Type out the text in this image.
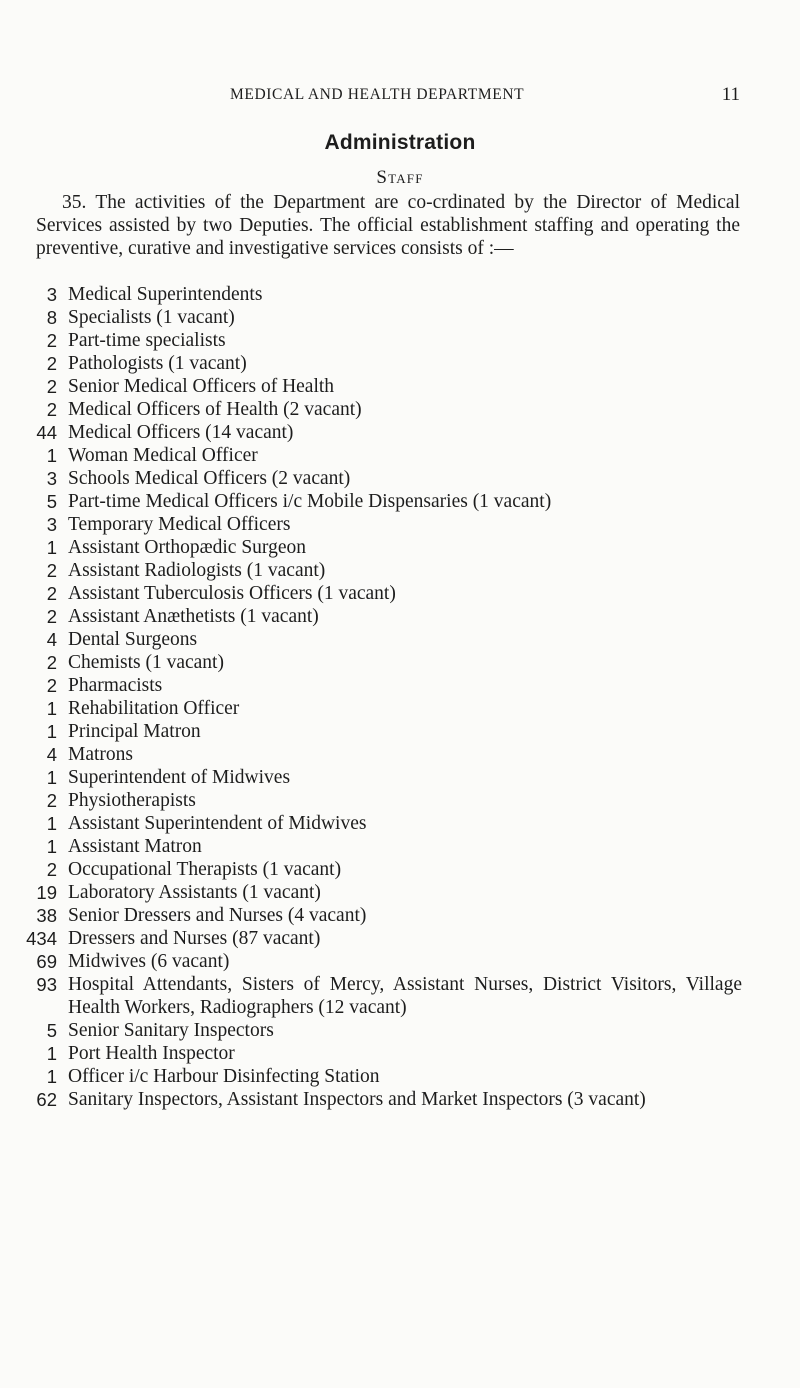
MEDICAL AND HEALTH DEPARTMENT	11
Administration
Staff

35. The activities of the Department are co-crdinated by the Director of Medical Services assisted by two Deputies. The official establishment staffing and operating the preventive, curative and investigative services consists of :—

3 Medical Superintendents
8 Specialists (1 vacant)
2 Part-time specialists
2 Pathologists (1 vacant)
2 Senior Medical Officers of Health
2 Medical Officers of Health (2 vacant)
44 Medical Officers (14 vacant)
1 Woman Medical Officer
3 Schools Medical Officers (2 vacant)
5 Part-time Medical Officers i/c Mobile Dispensaries (1 vacant)
3 Temporary Medical Officers
1 Assistant Orthopædic Surgeon
2 Assistant Radiologists (1 vacant)
2 Assistant Tuberculosis Officers (1 vacant)
2 Assistant Anæthetists (1 vacant)
4 Dental Surgeons
2 Chemists (1 vacant)
2 Pharmacists
1 Rehabilitation Officer
1 Principal Matron
4 Matrons
1 Superintendent of Midwives
2 Physiotherapists
1 Assistant Superintendent of Midwives
1 Assistant Matron
2 Occupational Therapists (1 vacant)
19 Laboratory Assistants (1 vacant)
38 Senior Dressers and Nurses (4 vacant)
434 Dressers and Nurses (87 vacant)
69 Midwives (6 vacant)
93 Hospital Attendants, Sisters of Mercy, Assistant Nurses, District Visitors, Village Health Workers, Radiographers (12 vacant)
5 Senior Sanitary Inspectors
1 Port Health Inspector
1 Officer i/c Harbour Disinfecting Station
62 Sanitary Inspectors, Assistant Inspectors and Market Inspectors (3 vacant)
